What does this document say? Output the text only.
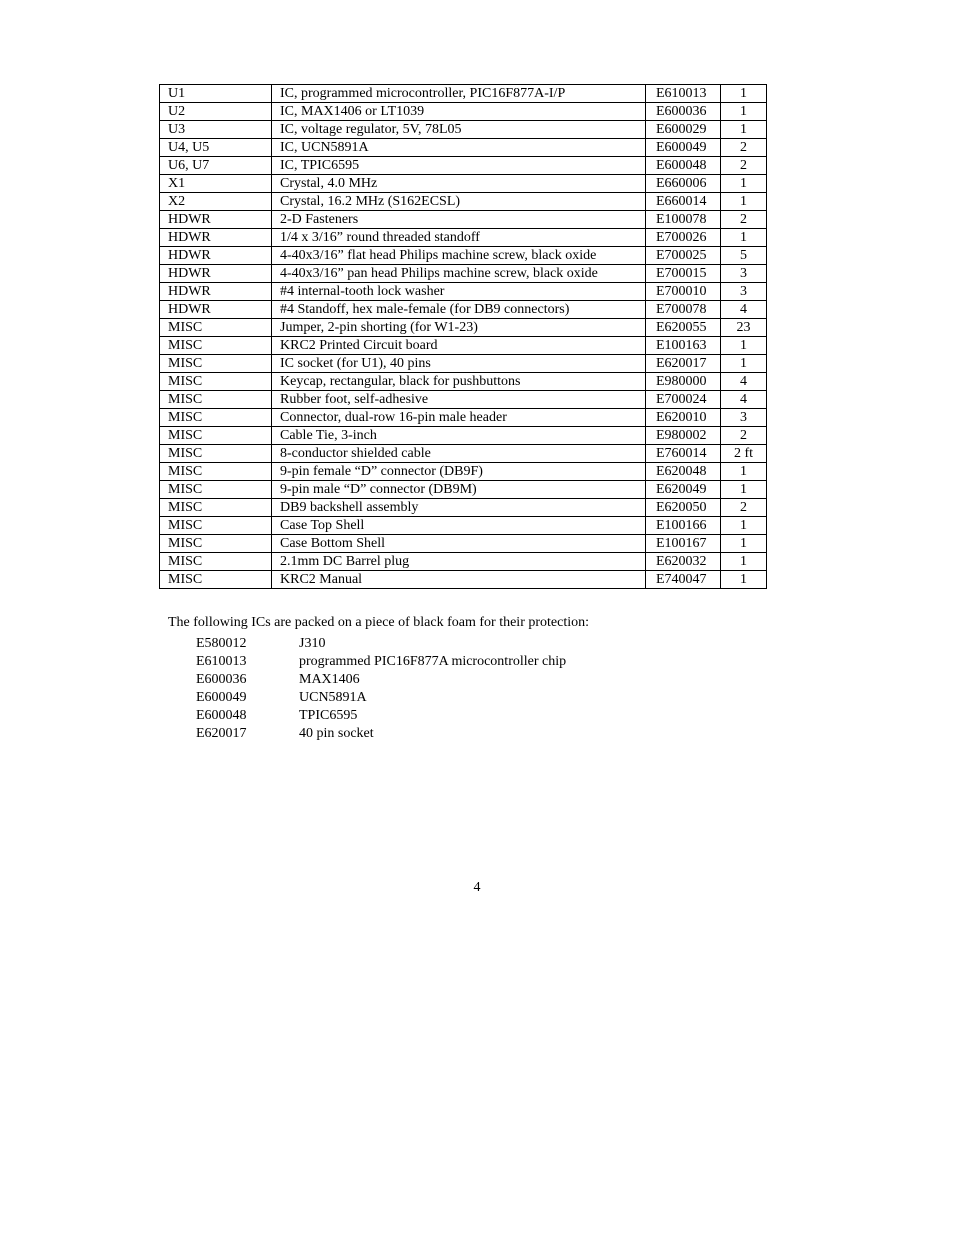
U1	IC, programmed microcontroller, PIC16F877A-I/P	E610013	1
U2	IC, MAX1406 or LT1039	E600036	1
U3	IC, voltage regulator, 5V, 78L05	E600029	1
U4, U5	IC, UCN5891A	E600049	2
U6, U7	IC, TPIC6595	E600048	2
X1	Crystal, 4.0 MHz	E660006	1
X2	Crystal, 16.2 MHz (S162ECSL)	E660014	1
HDWR	2-D Fasteners	E100078	2
HDWR	1/4 x 3/16” round threaded standoff	E700026	1
HDWR	4-40x3/16” flat head Philips machine screw, black oxide	E700025	5
HDWR	4-40x3/16” pan head Philips machine screw, black oxide	E700015	3
HDWR	#4 internal-tooth lock washer	E700010	3
HDWR	#4 Standoff, hex male-female (for DB9 connectors)	E700078	4
MISC	Jumper, 2-pin shorting (for W1-23)	E620055	23
MISC	KRC2 Printed Circuit board	E100163	1
MISC	IC socket (for U1), 40 pins	E620017	1
MISC	Keycap, rectangular, black for pushbuttons	E980000	4
MISC	Rubber foot, self-adhesive	E700024	4
MISC	Connector, dual-row 16-pin male header	E620010	3
MISC	Cable Tie, 3-inch	E980002	2
MISC	8-conductor shielded cable	E760014	2 ft
MISC	9-pin female “D” connector (DB9F)	E620048	1
MISC	9-pin male “D” connector (DB9M)	E620049	1
MISC	DB9 backshell assembly	E620050	2
MISC	Case Top Shell	E100166	1
MISC	Case Bottom Shell	E100167	1
MISC	2.1mm DC Barrel plug	E620032	1
MISC	KRC2 Manual	E740047	1
The following ICs are packed on a piece of black foam for their protection:
E580012	J310
E610013	programmed PIC16F877A microcontroller chip
E600036	MAX1406
E600049	UCN5891A
E600048	TPIC6595
E620017	40 pin socket
4
